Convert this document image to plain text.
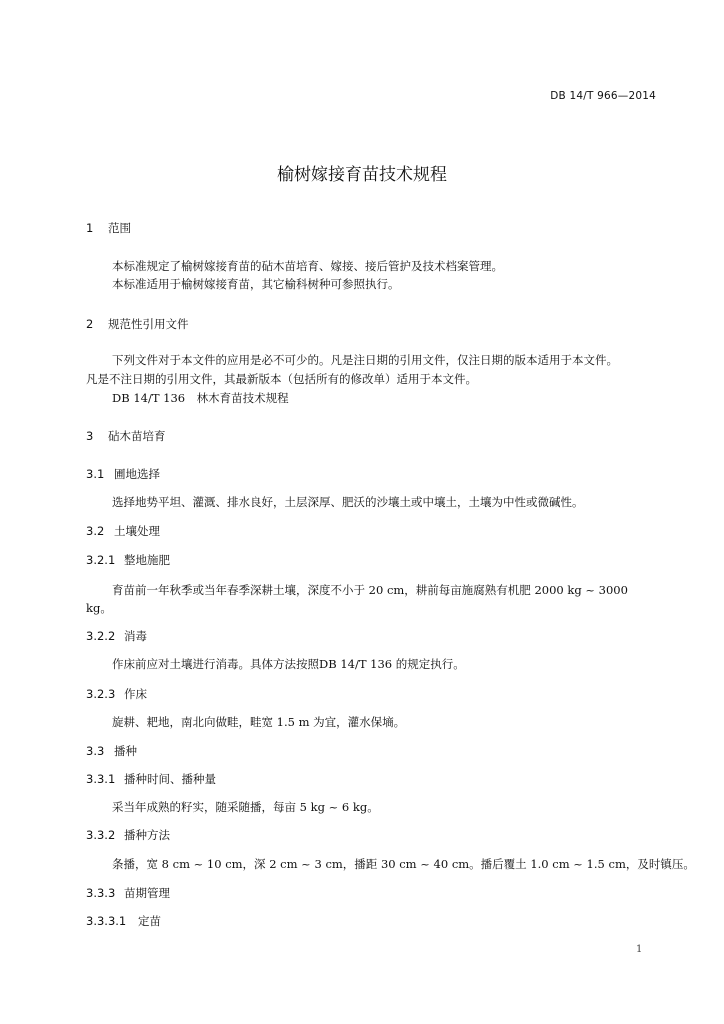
DB 14/T 966—2014
榆树嫁接育苗技术规程
1 范围
本标准规定了榆树嫁接育苗的砧木苗培育、嫁接、接后管护及技术档案管理。
本标准适用于榆树嫁接育苗，其它榆科树种可参照执行。
2 规范性引用文件
下列文件对于本文件的应用是必不可少的。凡是注日期的引用文件，仅注日期的版本适用于本文件。
凡是不注日期的引用文件，其最新版本（包括所有的修改单）适用于本文件。
DB 14/T 136　林木育苗技术规程
3 砧木苗培育
3.1 圃地选择
选择地势平坦、灌溉、排水良好，土层深厚、肥沃的沙壤土或中壤土，土壤为中性或微碱性。
3.2 土壤处理
3.2.1 整地施肥
育苗前一年秋季或当年春季深耕土壤，深度不小于 20 cm，耕前每亩施腐熟有机肥 2000 kg ~ 3000
kg。
3.2.2 消毒
作床前应对土壤进行消毒。具体方法按照DB 14/T 136 的规定执行。
3.2.3 作床
旋耕、耙地，南北向做畦，畦宽 1.5 m 为宜，灌水保墒。
3.3 播种
3.3.1 播种时间、播种量
采当年成熟的籽实，随采随播，每亩 5 kg ~ 6 kg。
3.3.2 播种方法
条播，宽 8 cm ~ 10 cm，深 2 cm ~ 3 cm，播距 30 cm ~ 40 cm。播后覆土 1.0 cm ~ 1.5 cm，及时镇压。
3.3.3 苗期管理
3.3.3.1 定苗
1
